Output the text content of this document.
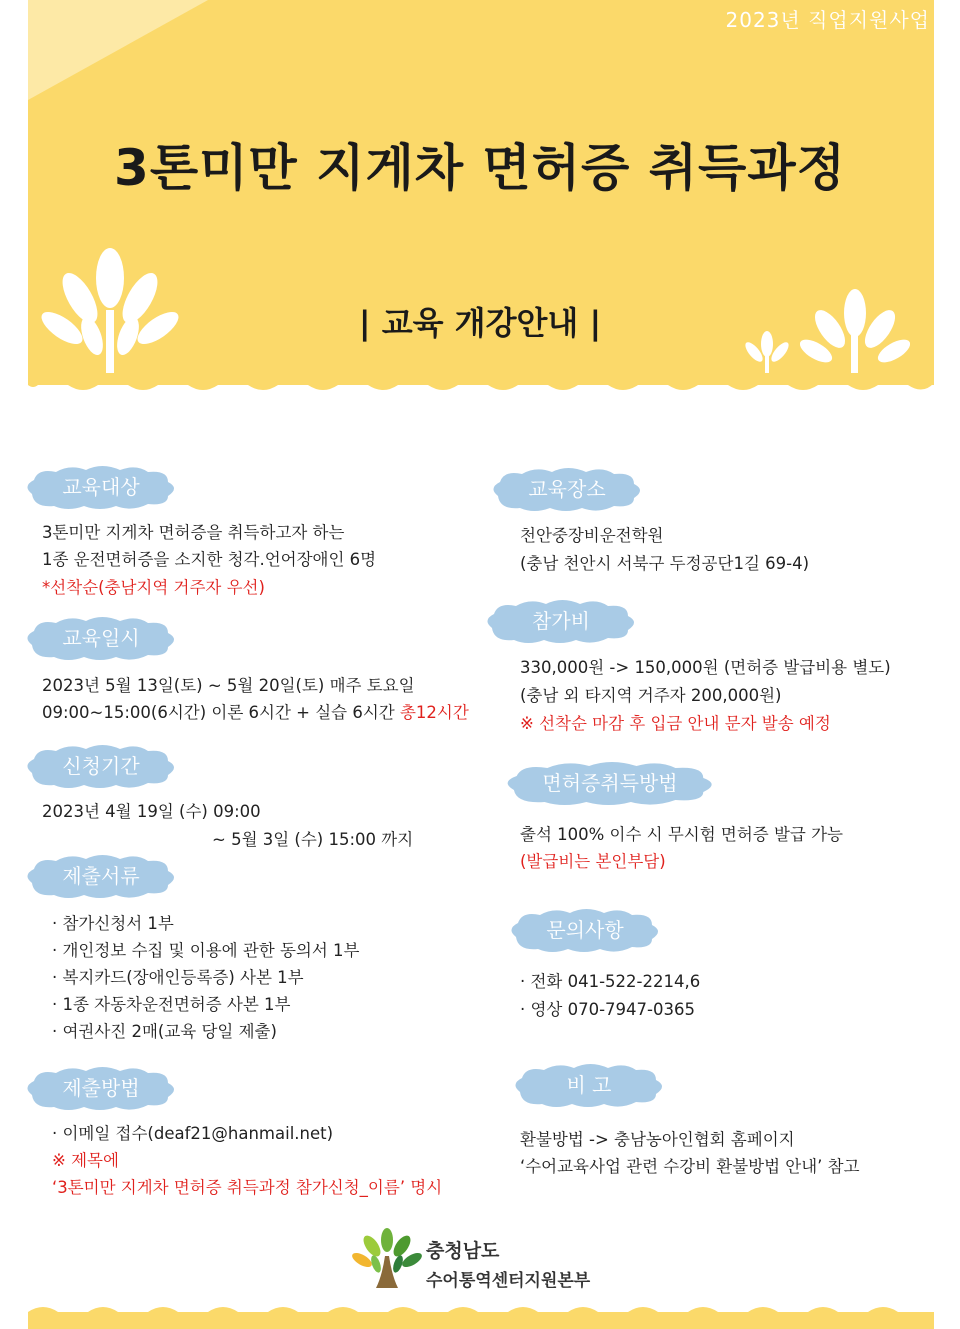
2023년 직업지원사업
3톤미만 지게차 면허증 취득과정
| 교육 개강안내 |
교육대상
3톤미만 지게차 면허증을 취득하고자 하는
1종 운전면허증을 소지한 청각.언어장애인 6명
*선착순(충남지역 거주자 우선)
교육일시
2023년 5월 13일(토) ~ 5월 20일(토) 매주 토요일
09:00~15:00(6시간) 이론 6시간 + 실습 6시간 총12시간
신청기간
2023년 4월 19일 (수) 09:00
~ 5월 3일 (수) 15:00 까지
제출서류
· 참가신청서 1부
· 개인정보 수집 및 이용에 관한 동의서 1부
· 복지카드(장애인등록증) 사본 1부
· 1종 자동차운전면허증 사본 1부
· 여권사진 2매(교육 당일 제출)
제출방법
· 이메일 접수(deaf21@hanmail.net)
※ 제목에
‘3톤미만 지게차 면허증 취득과정 참가신청_이름’ 명시
교육장소
천안중장비운전학원
(충남 천안시 서북구 두정공단1길 69-4)
참가비
330,000원 -> 150,000원 (면허증 발급비용 별도)
(충남 외 타지역 거주자 200,000원)
※ 선착순 마감 후 입금 안내 문자 발송 예정
면허증취득방법
출석 100% 이수 시 무시험 면허증 발급 가능
(발급비는 본인부담)
문의사항
· 전화 041-522-2214,6
· 영상 070-7947-0365
비 고
환불방법 -> 충남농아인협회 홈페이지
‘수어교육사업 관련 수강비 환불방법 안내’ 참고
충청남도
수어통역센터지원본부
